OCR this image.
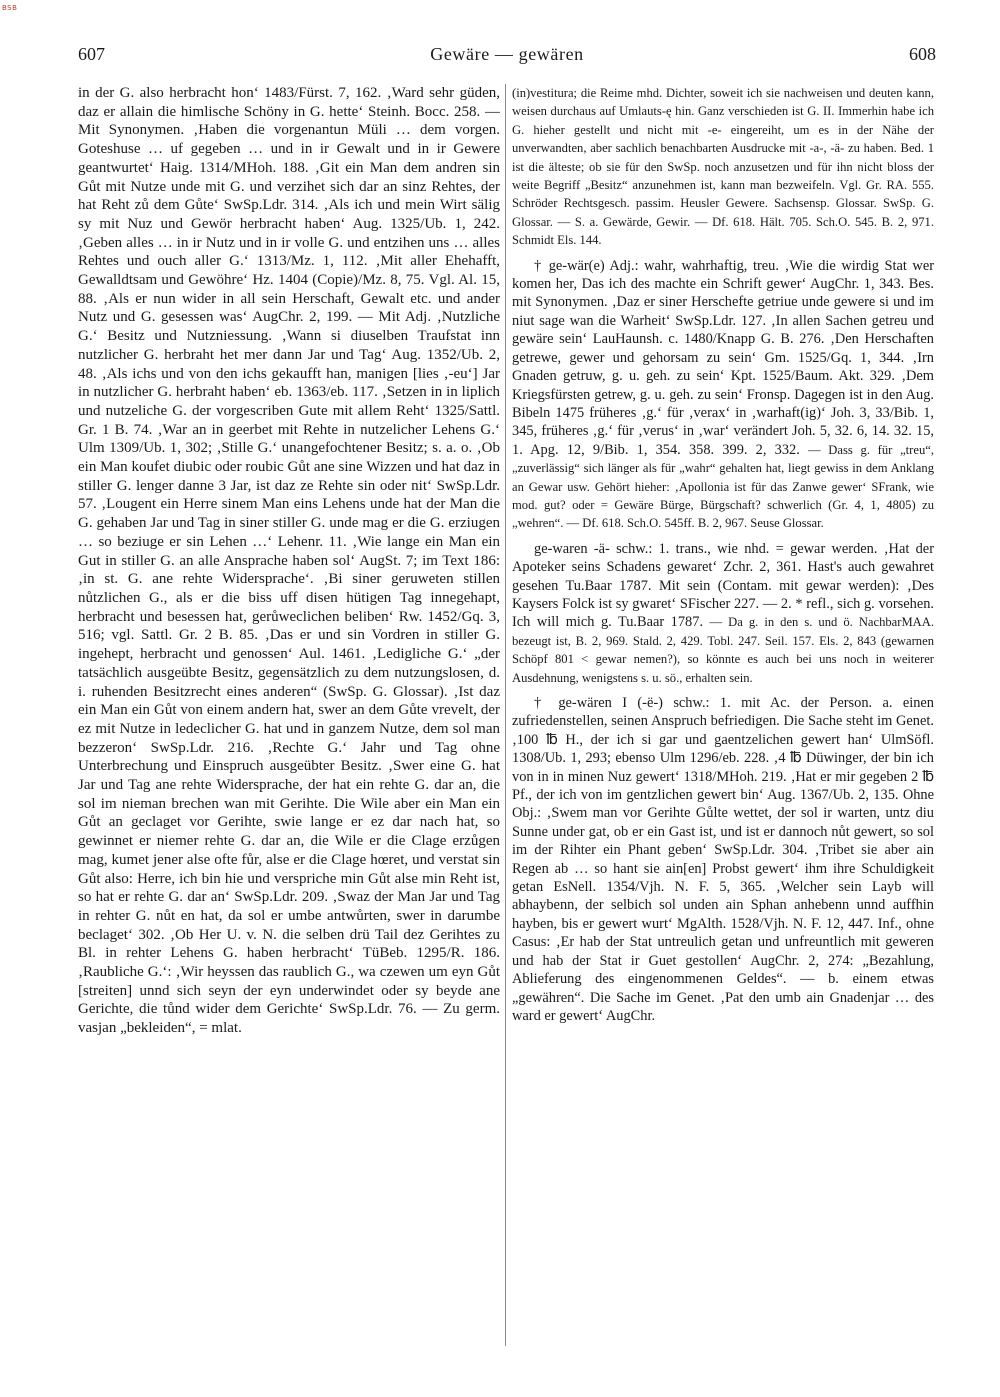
BSB
607	Gewäre — gewären	608

in der G. also herbracht hon‘ 1483/Fürst. 7, 162. ‚Ward sehr güden, daz er allain die himlische Schöny in G. hette‘ Steinh. Bocc. 258. — Mit Synonymen. ‚Haben die vorgenantun Müli … dem vorgen. Goteshuse … uf gegeben … und in ir Gewalt und in ir Gewere geantwurtet‘ Haig. 1314/MHoh. 188. ‚Git ein Man dem andren sin Gůt mit Nutze unde mit G. und verzihet sich dar an sinz Rehtes, der hat Reht zů dem Gůte‘ SwSp.Ldr. 314. ‚Als ich und mein Wirt sälig sy mit Nuz und Gewör herbracht haben‘ Aug. 1325/Ub. 1, 242. ‚Geben alles … in ir Nutz und in ir volle G. und entzihen uns … alles Rehtes und ouch aller G.‘ 1313/Mz. 1, 112. ‚Mit aller Ehehafft, Gewalldtsam und Gewöhre‘ Hz. 1404 (Copie)/Mz. 8, 75. Vgl. Al. 15, 88. ‚Als er nun wider in all sein Herschaft, Gewalt etc. und ander Nutz und G. gesessen was‘ AugChr. 2, 199. — Mit Adj. ‚Nutzliche G.‘ Besitz und Nutznіessung. ‚Wann si diuselben Traufstat inn nutzlicher G. herbraht het mer dann Jar und Tag‘ Aug. 1352/Ub. 2, 48. ‚Als ichs und von den ichs gekaufft han, manigen [lies ‚-eu‘] Jar in nutzlicher G. herbraht haben‘ eb. 1363/eb. 117. ‚Setzen in in liplich und nutzeliche G. der vorgescriben Gute mit allem Reht‘ 1325/Sattl. Gr. 1 B. 74. ‚War an in geerbet mit Rehte in nutzelicher Lehens G.‘ Ulm 1309/Ub. 1, 302; ‚Stille G.‘ unangefochtener Besitz; s. a. o. ‚Ob ein Man koufet diubic oder roubic Gůt ane sine Wizzen und hat daz in stiller G. lenger danne 3 Jar, ist daz ze Rehte sin oder nit‘ SwSp.Ldr. 57. ‚Lougent ein Herre sinem Man eins Lehens unde hat der Man die G. gehaben Jar und Tag in siner stiller G. unde mag er die G. erziugen … so beziuge er sin Lehen …‘ Lehenr. 11. ‚Wie lange ein Man ein Gut in stiller G. an alle Ansprache haben sol‘ AugSt. 7; im Text 186: ‚in st. G. ane rehte Widersprache‘. ‚Bi siner geruweten stillen nůtzlichen G., als er die biss uff disen hütigen Tag innegehapt, herbracht und besessen hat, gerůwеclichen beliben‘ Rw. 1452/Gq. 3, 516; vgl. Sattl. Gr. 2 B. 85. ‚Das er und sin Vordren in stiller G. ingehept, herbracht und genossen‘ Aul. 1461. ‚Ledigliche G.‘ „der tatsächlich ausgeübte Besitz, gegensätzlich zu dem nutzungslosen, d. i. ruhenden Besitzrecht eines anderen“ (SwSp. G. Glossar). ‚Ist daz ein Man ein Gůt von einem andern hat, swer an dem Gůte vrevelt, der ez mit Nutze in ledeclicher G. hat und in ganzem Nutze, dem sol man bezzeron‘ SwSp.Ldr. 216. ‚Rechte G.‘ Jahr und Tag ohne Unterbrechung und Einspruch ausgeübter Besitz. ‚Swer eine G. hat Jar und Tag ane rehte Widersprache, der hat ein rehte G. dar an, die sol im nieman brechen wan mit Gerihte. Die Wile aber ein Man ein Gůt an geclaget vor Gerihte, swie lange er ez dar nach hat, so gewinnet er niemer rehte G. dar an, die Wile er die Clage erzůgen mag, kumet jener alse ofte fůr, alse er die Clage hœret, und verstat sin Gůt also: Herre, ich bin hie und verspriche min Gůt alse min Reht ist, so hat er rehte G. dar an‘ SwSp.Ldr. 209. ‚Swaz der Man Jar und Tag in rehter G. nůt en hat, da sol er umbe antwůrten, swer in darumbe beclaget‘ 302. ‚Ob Her U. v. N. die selben drü Tail dez Gerihtes zu Bl. in rehter Lehens G. haben herbracht‘ TüBeb. 1295/R. 186. ‚Raubliche G.‘: ‚Wir heyssen das raublich G., wa czewen um eyn Gůt [streiten] unnd sich seyn der eyn underwindet oder sy beyde ane Gerichte, die tůnd wider dem Gerichte‘ SwSp.Ldr. 76. — Zu germ. vasjan „bekleiden“, = mlat.

(in)vestitura; die Reime mhd. Dichter, soweit ich sie nachweisen und deuten kann, weisen durchaus auf Umlauts-ę hin. Ganz verschieden ist G. II. Immerhin habe ich G. hieher gestellt und nicht mit -e- eingereiht, um es in der Nähe der unverwandten, aber sachlich benachbarten Ausdrucke mit -a-, -ä- zu haben. Bed. 1 ist die älteste; ob sie für den SwSp. noch anzusetzen und für ihn nicht bloss der weite Begriff „Besitz“ anzunehmen ist, kann man bezweifeln. Vgl. Gr. RA. 555. Schröder Rechtsgesch. passim. Heusler Gewere. Sachsensp. Glossar. SwSp. G. Glossar. — S. a. Gewärde, Gewir. — Df. 618. Hält. 705. Sch.O. 545. B. 2, 971. Schmidt Els. 144.

† ge-wär(e) Adj.: wahr, wahrhaftig, treu. ‚Wie die wirdig Stat wer komen her, Das ich des machte ein Schrift gewer‘ AugChr. 1, 343. Bes. mit Synonymen. ‚Daz er siner Herschefte getriue unde gewere si und im niut sage wan die Warheit‘ SwSp.Ldr. 127. ‚In allen Sachen getreu und gewäre sein‘ LauHaunsh. c. 1480/Knapp G. B. 276. ‚Den Herschaften getrewe, gewer und gehorsam zu sein‘ Gm. 1525/Gq. 1, 344. ‚Irn Gnaden getruw, g. u. geh. zu sein‘ Kpt. 1525/Baum. Akt. 329. ‚Dem Kriegsfürsten getrew, g. u. geh. zu sein‘ Fronsp. Dagegen ist in den Aug. Bibeln 1475 früheres ‚g.‘ für ‚verax‘ in ‚warhaft(ig)‘ Joh. 3, 33/Bib. 1, 345, früheres ‚g.‘ für ‚verus‘ in ‚war‘ verändert Joh. 5, 32. 6, 14. 32. 15, 1. Apg. 12, 9/Bib. 1, 354. 358. 399. 2, 332. — Dass g. für „treu“, „zuverlässig“ sich länger als für „wahr“ gehalten hat, liegt gewiss in dem Anklang an Gewar usw. Gehört hieher: ‚Apollonia ist für das Zanwe gewer‘ SFrank, wie mod. gut? oder = Gewäre Bürge, Bürgschaft? schwerlich (Gr. 4, 1, 4805) zu „wehren“. — Df. 618. Sch.O. 545ff. B. 2, 967. Seuse Glossar.

ge-waren -ä- schw.: 1. trans., wie nhd. = gewar werden. ‚Hat der Apoteker seins Schadens gewaret‘ Zchr. 2, 361. Hast's auch gewahret gesehen Tu.Baar 1787. Mit sein (Contam. mit gewar werden): ‚Des Kaysers Folck ist sy gwaret‘ SFischer 227. — 2. * refl., sich g. vorsehen. Ich will mich g. Tu.Baar 1787. — Da g. in den s. und ö. NachbarMAA. bezeugt ist, B. 2, 969. Stald. 2, 429. Tobl. 247. Seil. 157. Els. 2, 843 (gewarnen Schöpf 801 < gewar nemen?), so könnte es auch bei uns noch in weiterer Ausdehnung, wenigstens s. u. sö., erhalten sein.

† ge-wären I (-ë-) schw.: 1. mit Ac. der Person. a. einen zufriedenstellen, seinen Anspruch befriedigen. Die Sache steht im Genet. ‚100 ℔ H., der ich si gar und gaentzelichen gewert han‘ UlmSöfl. 1308/Ub. 1, 293; ebenso Ulm 1296/eb. 228. ‚4 ℔ Düwinger, der bin ich von in in minen Nuz gewert‘ 1318/MHoh. 219. ‚Hat er mir gegeben 2 ℔ Pf., der ich von im gentzlichen gewert bin‘ Aug. 1367/Ub. 2, 135. Ohne Obj.: ‚Swem man vor Gerihte Gůlte wettet, der sol ir warten, untz diu Sunne under gat, ob er ein Gast ist, und ist er dannoch nůt gewert, so sol im der Rihter ein Phant geben‘ SwSp.Ldr. 304. ‚Tribet sie aber ain Regen ab … so hant sie ain[en] Probst gewert‘ ihm ihre Schuldigkeit getan EsNell. 1354/Vjh. N. F. 5, 365. ‚Welcher sein Layb will abhaybenn, der selbich sol unden ain Sphan anhebenn unnd auffhin hayben, bis er gewert wurt‘ MgAlth. 1528/Vjh. N. F. 12, 447. Inf., ohne Casus: ‚Er hab der Stat untreulich getan und unfreuntlich mit geweren und hab der Stat ir Guet gestollen‘ AugChr. 2, 274: „Bezahlung, Ablieferung des eingenommenen Geldes“. — b. einem etwas „gewähren“. Die Sache im Genet. ‚Pat den umb ain Gnadenjar … des ward er gewert‘ AugChr.
